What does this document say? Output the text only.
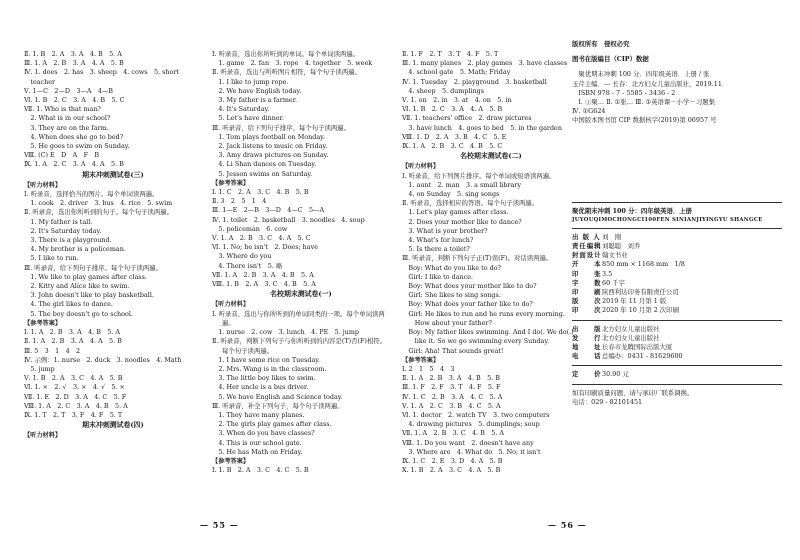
Ⅱ. 1. B　2. A　3. A　4. B　5. A
Ⅲ. 1. A　2. B　3. A　4. A　5. B
Ⅳ. 1. does　2. has　3. sheep　4. cows　5. short
　teacher
Ⅴ. 1—C　2—D　3—A　4—B
Ⅵ. 1. B　2. C　3. A　4. B　5. C
Ⅶ. 1. Who is that man?
　2. What is in our school?
　3. They are on the farm.
　4. When does she go to bed?
　5. He goes to swim on Sunday.
Ⅷ. (C) E　D　A　F　B
Ⅸ. 1. A　2. C　3. A　4. A　5. B
期末冲刺测试卷(三)
【听力材料】
Ⅰ. 听录音，选择恰当的图片。每个单词读两遍。
　1. cook　2. driver　3. bus　4. rice　5. swim
Ⅱ. 听录音，选出你所听到的句子。每个句子读两遍。
　1. My father is tall.
　2. It's Saturday today.
　3. There is a playground.
　4. My brother is a policeman.
　5. I like to run.
Ⅲ. 听录音，给下列句子排序。每个句子读两遍。
　1. We like to play games after class.
　2. Kitty and Alice like to swim.
　3. John doesn't like to play basketball.
　4. The girl likes to dance.
　5. The boy doesn't go to school.
【参考答案】
Ⅰ. 1. A　2. B　3. A　4. B　5. A
Ⅱ. 1. A　2. B　3. A　4. A　5. B
Ⅲ. 5　3　1　4　2
Ⅳ. 示例：1. nurse　2. duck　3. noodles　4. Math
　5. jump
Ⅴ. 1. B　2. A　3. C　4. A　5. B
Ⅵ. 1. ×　2. √　3. ×　4. √　5. ×
Ⅶ. 1. E　2. D　3. A　4. C　5. F
Ⅷ. 1. A　2. C　3. A　4. B　5. A
Ⅸ. 1. T　2. T　3. F　4. F　5. T
期末冲刺测试卷(四)
【听力材料】
Ⅰ. 听录音，选出你所听到的单词。每个单词读两遍。
　1. game　2. fan　3. rope　4. together　5. week
Ⅱ. 听录音，选出与所听图片相符，每个句子读两遍。
　1. I like to jump rope.
　2. We have English today.
　3. My father is a farmer.
　4. It's Saturday.
　5. Let's have dinner.
Ⅲ. 听录音，给下列句子排序。每个句子读两遍。
　1. Tom plays football on Monday.
　2. Jack listens to music on Friday.
　3. Amy draws pictures on Sunday.
　4. Li Shan dances on Tuesday.
　5. Jesson swims on Saturday.
【参考答案】
Ⅰ. 1. C　2. A　3. C　4. B　5. B
Ⅱ. 3　2　5　1　4
Ⅲ. 1—E　2—B　3—D　4—C　5—A
Ⅳ. 1. toilet　2. basketball　3. noodles　4. soup
　5. policeman　6. cow
Ⅴ. 1. A　2. B　3. C　4. A　5. C
Ⅵ. 1. No; he isn't　2. Does; have
　3. Where do you
　4. There isn't　5. 略
Ⅶ. 1. A　2. B　3. A　4. B　5. A
Ⅷ. 1. B　2. A　3. C　4. B　5. A
名校期末测试卷(一)
【听力材料】
Ⅰ. 听录音，选出与你所听到的单词同类的一项。每个单词读两遍。
　1. nurse　2. cow　3. lunch　4. PE　5. jump
Ⅱ. 听录音，判断下列句子与你所听到的内容是(T)否(F)相符。每个句子读两遍。
　1. I have some rice on Tuesday.
　2. Mrs. Wang is in the classroom.
　3. The little boy likes to swim.
　4. Her uncle is a bus driver.
　5. We have English and Science today.
Ⅲ. 听录音，补全下列句子，每个句子读两遍。
　1. They have many planes.
　2. The girls play games after class.
　3. When do you have classes?
　4. This is our school gate.
　5. He has Math on Friday.
【参考答案】
Ⅰ. 1. B　2. A　3. C　4. C　5. B
Ⅱ. 1. F　2. T　3. T　4. F　5. T
Ⅲ. 1. many planes　2. play games　3. have classes
　4. school gate　5. Math; Friday
Ⅳ. 1. Tuesday　2. playground　3. basketball
　4. sheep　5. dumplings
Ⅴ. 1. on　2. in　3. at　4. on　5. in
Ⅵ. 1. B　2. C　3. A　4. A　5. B
Ⅶ. 1. teachers' office　2. draw pictures
　3. have lunch　4. goes to bed　5. in the garden
Ⅷ. 1. D　2. A　3. B　4. C　5. E
Ⅸ. 1. A　2. B　3. C　4. B　5. C
名校期末测试卷(二)
【听力材料】
Ⅰ. 听录音，给下列图片排序。每个单词或短语读两遍。
　1. aunt　2. man　3. a small library
　4. on Sunday　5. sing songs
Ⅱ. 听录音，选择相应的答语。每个句子读两遍。
　1. Let's play games after class.
　2. Does your mother like to dance?
　3. What is your brother?
　4. What's for lunch?
　5. Is there a toilet?
Ⅲ. 听录音，判断下列句子正(T)误(F)。对话读两遍。
　Boy: What do you like to do?
　Girl: I like to dance.
　Boy: What does your mother like to do?
　Girl: She likes to sing songs.
　Boy: What does your father like to do?
　Girl: He likes to run and he runs every morning.
　　How about your father?
　Boy: My father likes swimming. And I do(. We do(.)
　　like it. So we go swimming every Sunday.
　Girl: Aha! That sounds great!
【参考答案】
Ⅰ. 2　1　5　4　3
Ⅱ. 1. A　2. B　3. A　4. B　5. B
Ⅲ. 1. F　2. F　3. T　4. F　5. F
Ⅳ. 1. C　2. B　3. A　4. C　5. A
Ⅴ. 1. A　2. C　3. B　4. C　5. A
Ⅵ. 1. doctor　2. watch TV　3. two computers
　4. drawing pictures　5. dumplings; soup
Ⅶ. 1. A　2. B　3. C　4. B　5. A
Ⅷ. 1. Do you want　2. doesn't have any
　3. Where are　4. What do　5. No; it isn't
Ⅸ. 1. C　2. E　3. D　4. A　5. B
Ⅹ. 1. B　2. A　3. C　4. A　5. B
版权所有　侵权必究
图书在版编目（CIP）数据
　聚优期末冲刺 100 分．四年级英语．上册 / 张
玉芹主编．— 长春：北方妇女儿童出版社，2019.11
　ISBN 978 - 7 - 5585 - 3436 - 2
　Ⅰ. ①聚… Ⅱ. ①张… Ⅲ. ①英语课－小学－习题集
Ⅳ. ①G624
中国版本图书馆 CIP 数据核字(2019)第 06957 号
聚优期末冲刺 100 分：四年级英语．上册
JUYOUQIMOCHONGCI100FEN SINIANJIYINGYU SHANGCE
出 版 人 刘　刚
责任编辑 刘聪聪　刘乔
封面设计 翰文书业
开　　本 850 mm × 1168 mm　1/8
印　　张 3.5
字　　数 60 千字
印　　刷 陕西利达印务有限责任公司
版　　次 2019 年 11 月第 1 版
印　　次 2020 年 10 月第 2 次印刷
出　　版 北方妇女儿童出版社
发　　行 北方妇女儿童出版社
地　　址 长春市龙腾国际出版大厦
电　　话 总编办：0431 - 81629600
定　　价 30.90 元
如有印刷质量问题，请与承印厂联系调换。
电话：029 - 82101451
— 55 —	— 56 —
